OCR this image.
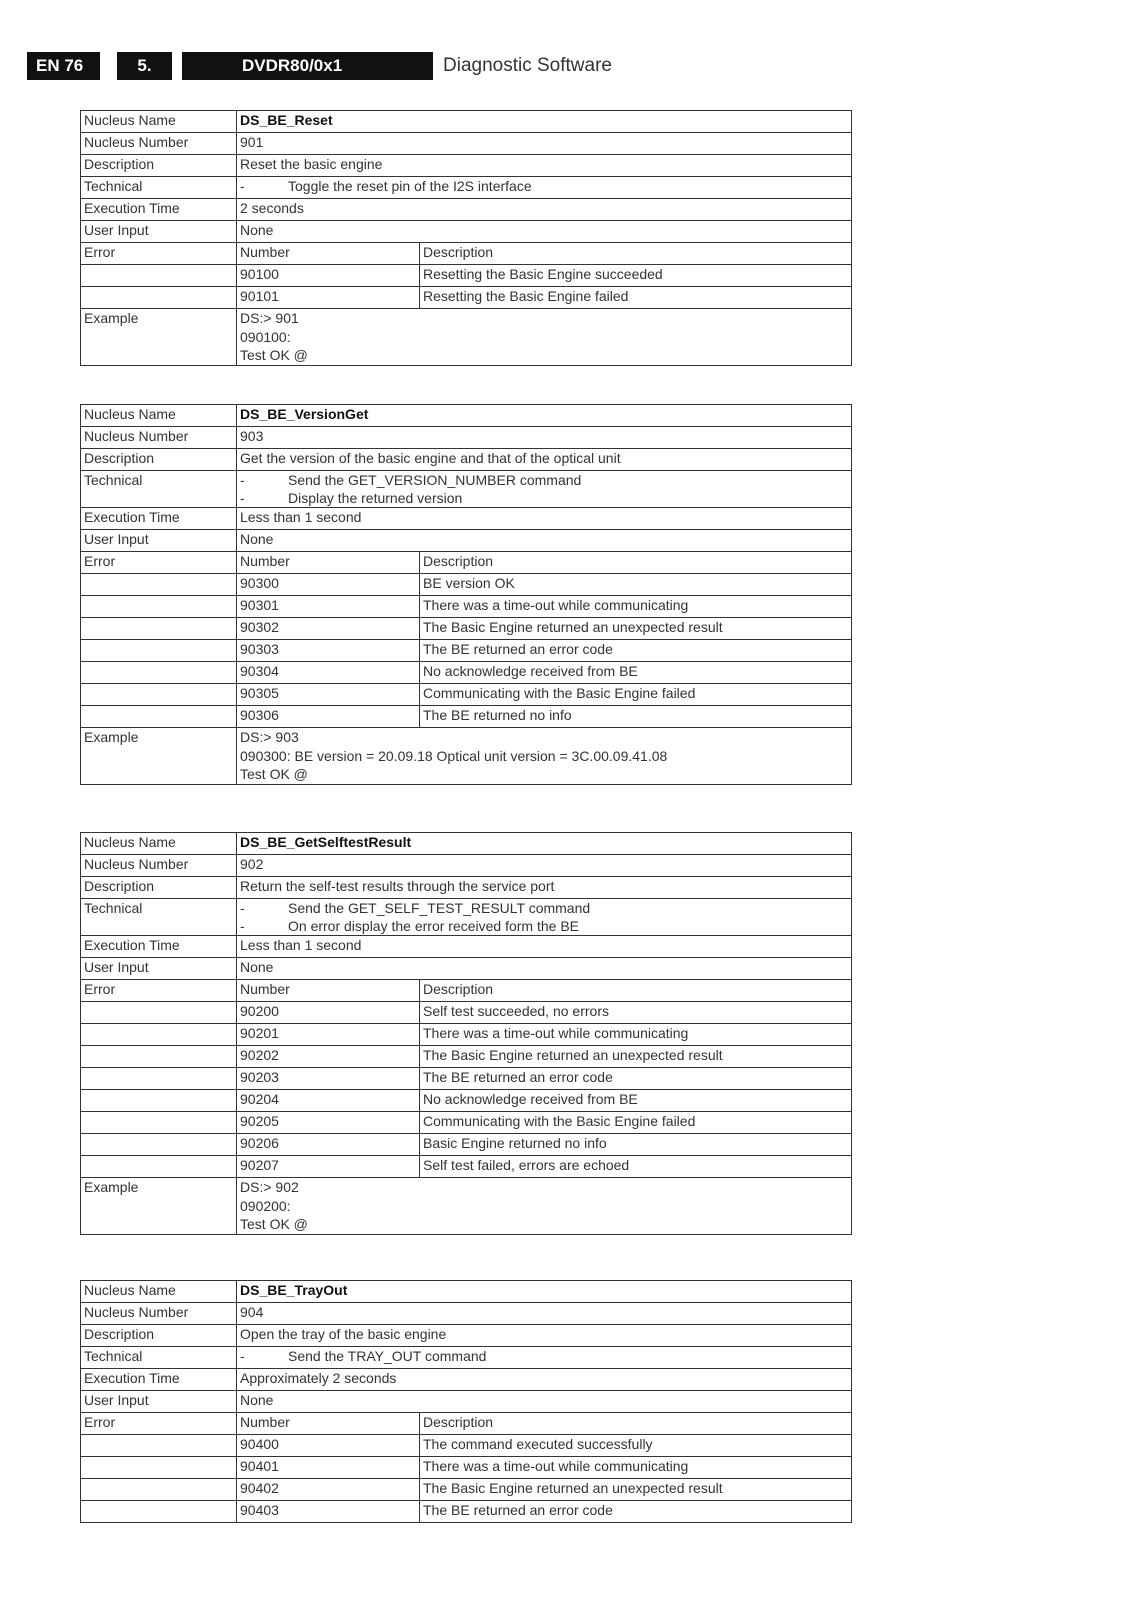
EN 76	5.	DVDR80/0x1	Diagnostic Software
Nucleus Name	DS_BE_Reset	
Nucleus Number	901	
Description	Reset the basic engine	
Technical	- Toggle the reset pin of the I2S interface	

Execution Time	2 seconds	
User Input	None	
Error	Number	Description
	90100	Resetting the Basic Engine succeeded
	90101	Resetting the Basic Engine failed
Example	DS:> 901
090100:
Test OK @	
Nucleus Name	DS_BE_VersionGet	
Nucleus Number	903	
Description	Get the version of the basic engine and that of the optical unit	
Technical	- Send the GET_VERSION_NUMBER command
- Display the returned version	

Execution Time	Less than 1 second	
User Input	None	
Error	Number	Description
	90300	BE version OK
	90301	There was a time-out while communicating
	90302	The Basic Engine returned an unexpected result
	90303	The BE returned an error code
	90304	No acknowledge received from BE
	90305	Communicating with the Basic Engine failed
	90306	The BE returned no info
Example	DS:> 903
090300: BE version = 20.09.18 Optical unit version = 3C.00.09.41.08
Test OK @	
Nucleus Name	DS_BE_GetSelftestResult	
Nucleus Number	902	
Description	Return the self-test results through the service port	
Technical	- Send the GET_SELF_TEST_RESULT command
- On error display the error received form the BE	

Execution Time	Less than 1 second	
User Input	None	
Error	Number	Description
	90200	Self test succeeded, no errors
	90201	There was a time-out while communicating
	90202	The Basic Engine returned an unexpected result
	90203	The BE returned an error code
	90204	No acknowledge received from BE
	90205	Communicating with the Basic Engine failed
	90206	Basic Engine returned no info
	90207	Self test failed, errors are echoed
Example	DS:> 902
090200:
Test OK @	
Nucleus Name	DS_BE_TrayOut	
Nucleus Number	904	
Description	Open the tray of the basic engine	
Technical	- Send the TRAY_OUT command	

Execution Time	Approximately 2 seconds	
User Input	None	
Error	Number	Description
	90400	The command executed successfully
	90401	There was a time-out while communicating
	90402	The Basic Engine returned an unexpected result
	90403	The BE returned an error code
